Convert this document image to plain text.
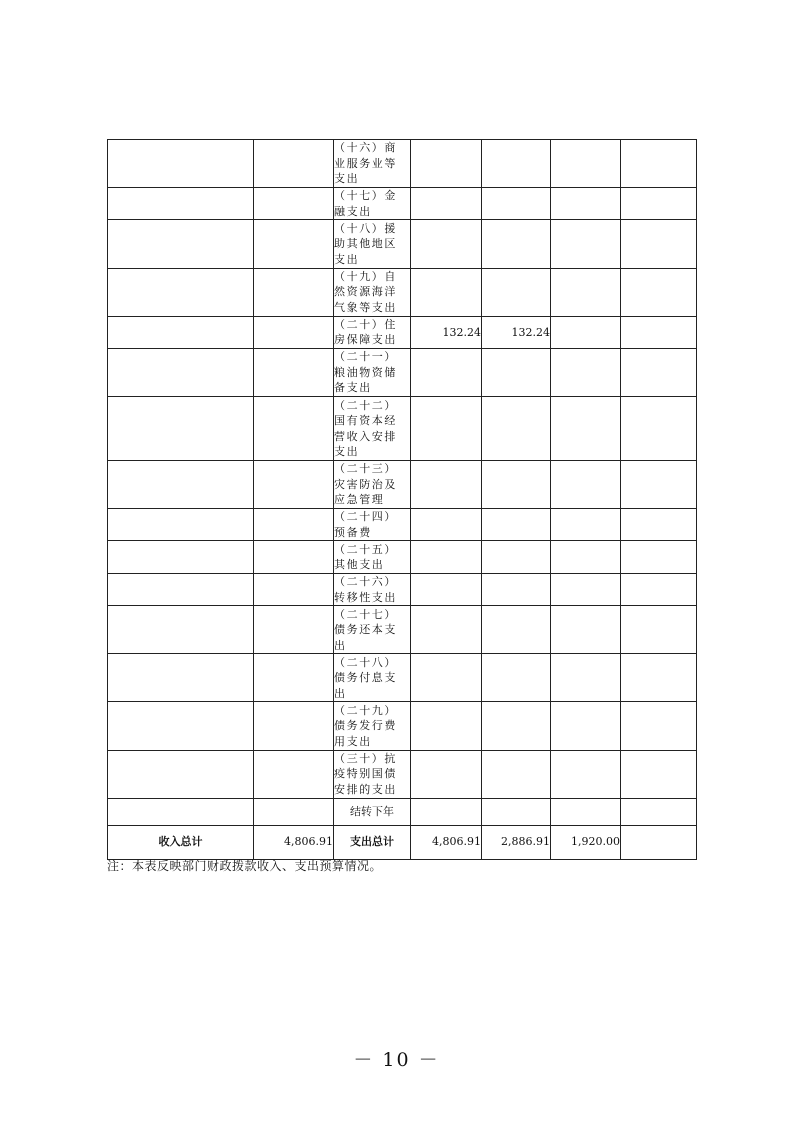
		（十六）商
业服务业等
支出				

		（十七）金
融支出				

		（十八）援
助其他地区
支出				

		（十九）自
然资源海洋
气象等支出				

		（二十）住
房保障支出	132.24	132.24		

		（二十一）
粮油物资储
备支出				

		（二十二）
国有资本经
营收入安排
支出				

		（二十三）
灾害防治及
应急管理				

		（二十四）
预备费				

		（二十五）
其他支出				

		（二十六）
转移性支出				

		（二十七）
债务还本支
出				

		（二十八）
债务付息支
出				

		（二十九）
债务发行费
用支出				

		（三十）抗
疫特别国债
安排的支出				

		结转下年				
收入总计	4,806.91	支出总计	4,806.91	2,886.91	1,920.00	
注：本表反映部门财政拨款收入、支出预算情况。
－ 10 －
